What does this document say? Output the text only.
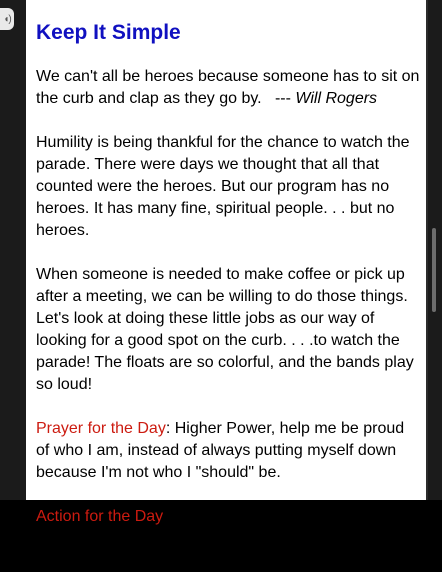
◖)
Keep It Simple

We can't all be heroes because someone has to sit on the curb and clap as they go by. --- Will Rogers

Humility is being thankful for the chance to watch the parade. There were days we thought that all that counted were the heroes. But our program has no heroes. It has many fine, spiritual people. . . but no heroes.

When someone is needed to make coffee or pick up after a meeting, we can be willing to do those things. Let's look at doing these little jobs as our way of looking for a good spot on the curb. . . .to watch the parade! The floats are so colorful, and the bands play so loud!

Prayer for the Day: Higher Power, help me be proud of who I am, instead of always putting myself down because I'm not who I "should" be.

Action for the Day: I will look and help someone today. Service to others is service to my Higher Power.
